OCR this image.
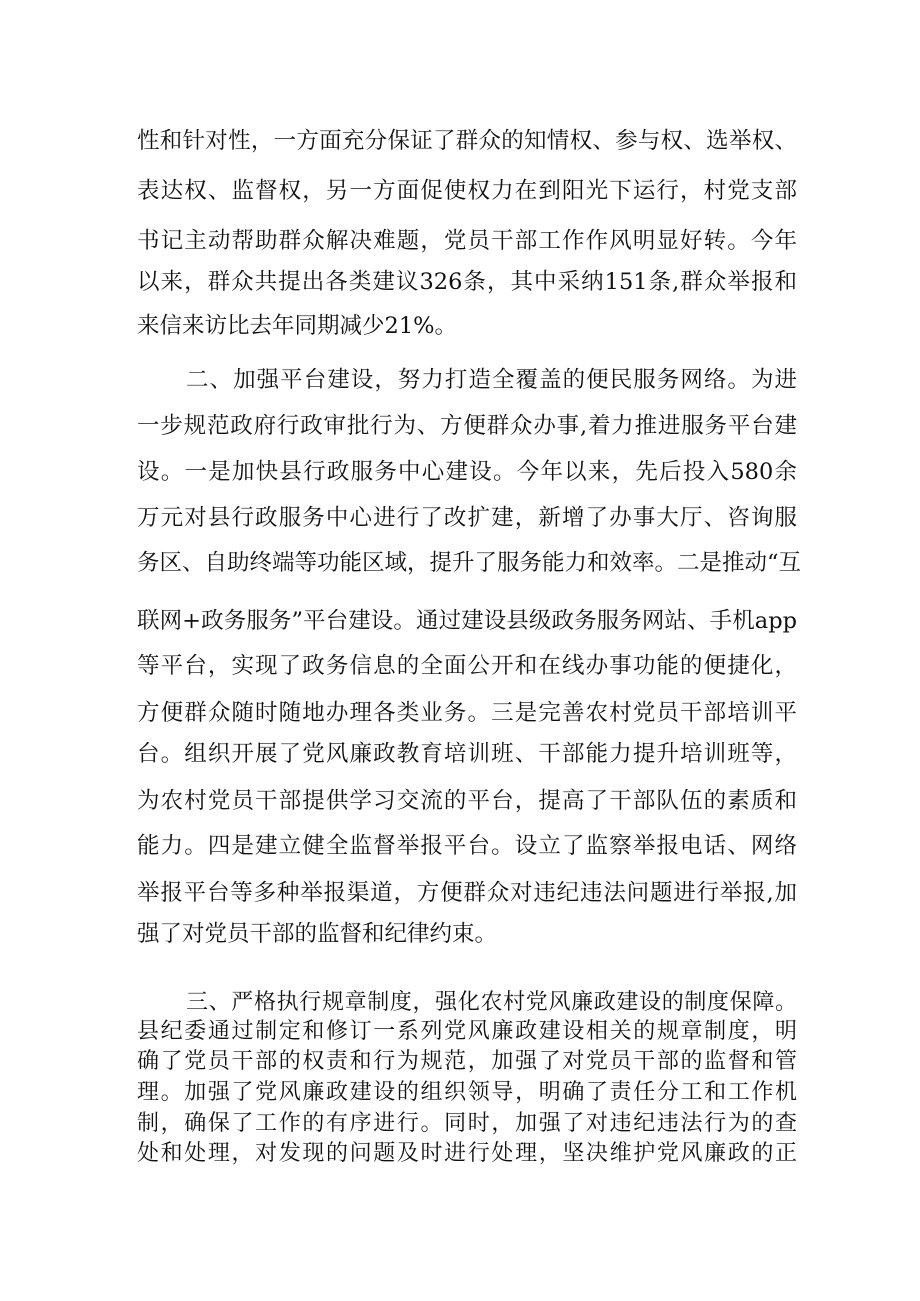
性和针对性，一方面充分保证了群众的知情权、参与权、选举权、
表达权、监督权，另一方面促使权力在到阳光下运行，村党支部
书记主动帮助群众解决难题，党员干部工作作风明显好转。今年
以来，群众共提出各类建议326条，其中采纳151条,群众举报和
来信来访比去年同期减少21%。
二、加强平台建设，努力打造全覆盖的便民服务网络。为进
一步规范政府行政审批行为、方便群众办事,着力推进服务平台建
设。一是加快县行政服务中心建设。今年以来，先后投入580余
万元对县行政服务中心进行了改扩建，新增了办事大厅、咨询服
务区、自助终端等功能区域，提升了服务能力和效率。二是推动“互
联网+政务服务”平台建设。通过建设县级政务服务网站、手机app
等平台，实现了政务信息的全面公开和在线办事功能的便捷化，
方便群众随时随地办理各类业务。三是完善农村党员干部培训平
台。组织开展了党风廉政教育培训班、干部能力提升培训班等，
为农村党员干部提供学习交流的平台，提高了干部队伍的素质和
能力。四是建立健全监督举报平台。设立了监察举报电话、网络
举报平台等多种举报渠道，方便群众对违纪违法问题进行举报,加
强了对党员干部的监督和纪律约束。
三、严格执行规章制度，强化农村党风廉政建设的制度保障。
县纪委通过制定和修订一系列党风廉政建设相关的规章制度，明
确了党员干部的权责和行为规范，加强了对党员干部的监督和管
理。加强了党风廉政建设的组织领导，明确了责任分工和工作机
制，确保了工作的有序进行。同时，加强了对违纪违法行为的查
处和处理，对发现的问题及时进行处理，坚决维护党风廉政的正
